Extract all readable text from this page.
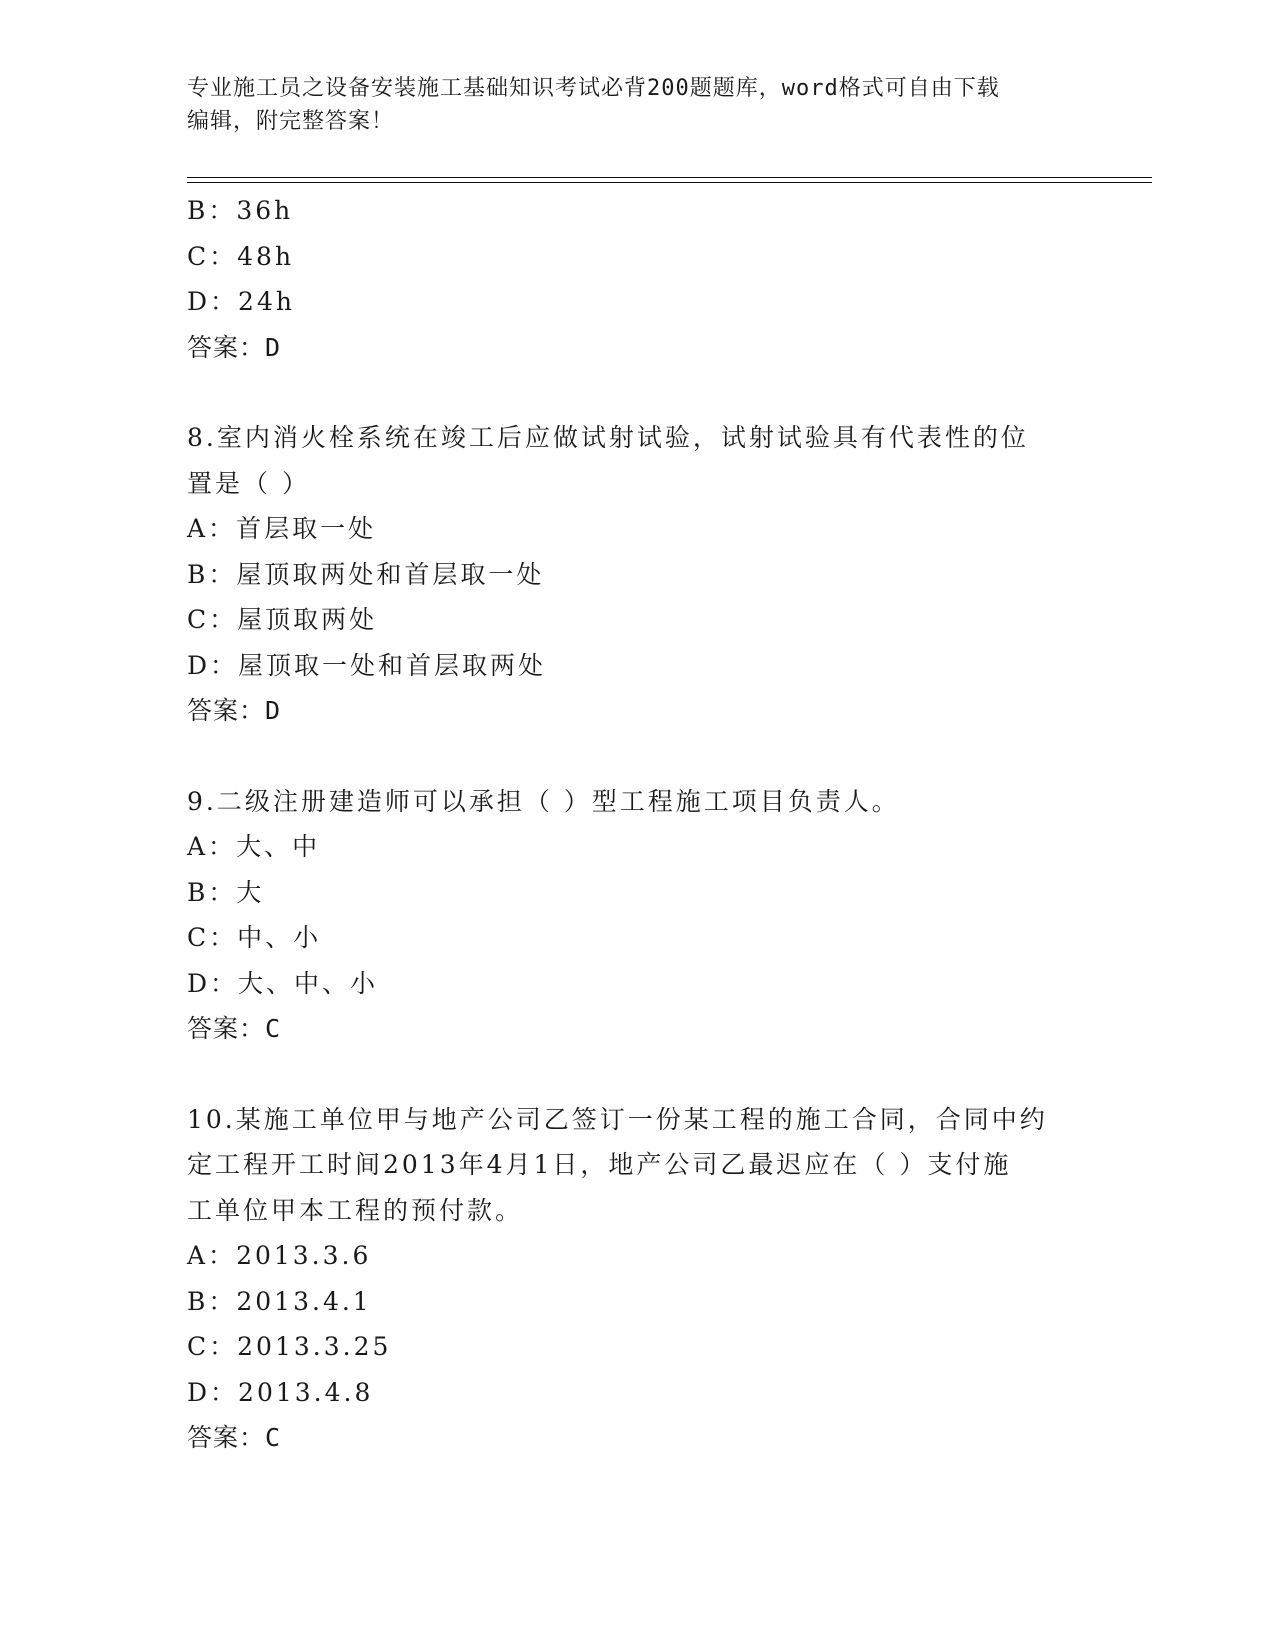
专业施工员之设备安装施工基础知识考试必背200题题库，word格式可自由下载
编辑，附完整答案！
B：36h
C：48h
D：24h
答案：D
8.室内消火栓系统在竣工后应做试射试验，试射试验具有代表性的位
置是（ ）
A：首层取一处
B：屋顶取两处和首层取一处
C：屋顶取两处
D：屋顶取一处和首层取两处
答案：D
9.二级注册建造师可以承担（ ）型工程施工项目负责人。
A：大、中
B：大
C：中、小
D：大、中、小
答案：C
10.某施工单位甲与地产公司乙签订一份某工程的施工合同，合同中约
定工程开工时间2013年4月1日，地产公司乙最迟应在（ ）支付施
工单位甲本工程的预付款。
A：2013.3.6
B：2013.4.1
C：2013.3.25
D：2013.4.8
答案：C
